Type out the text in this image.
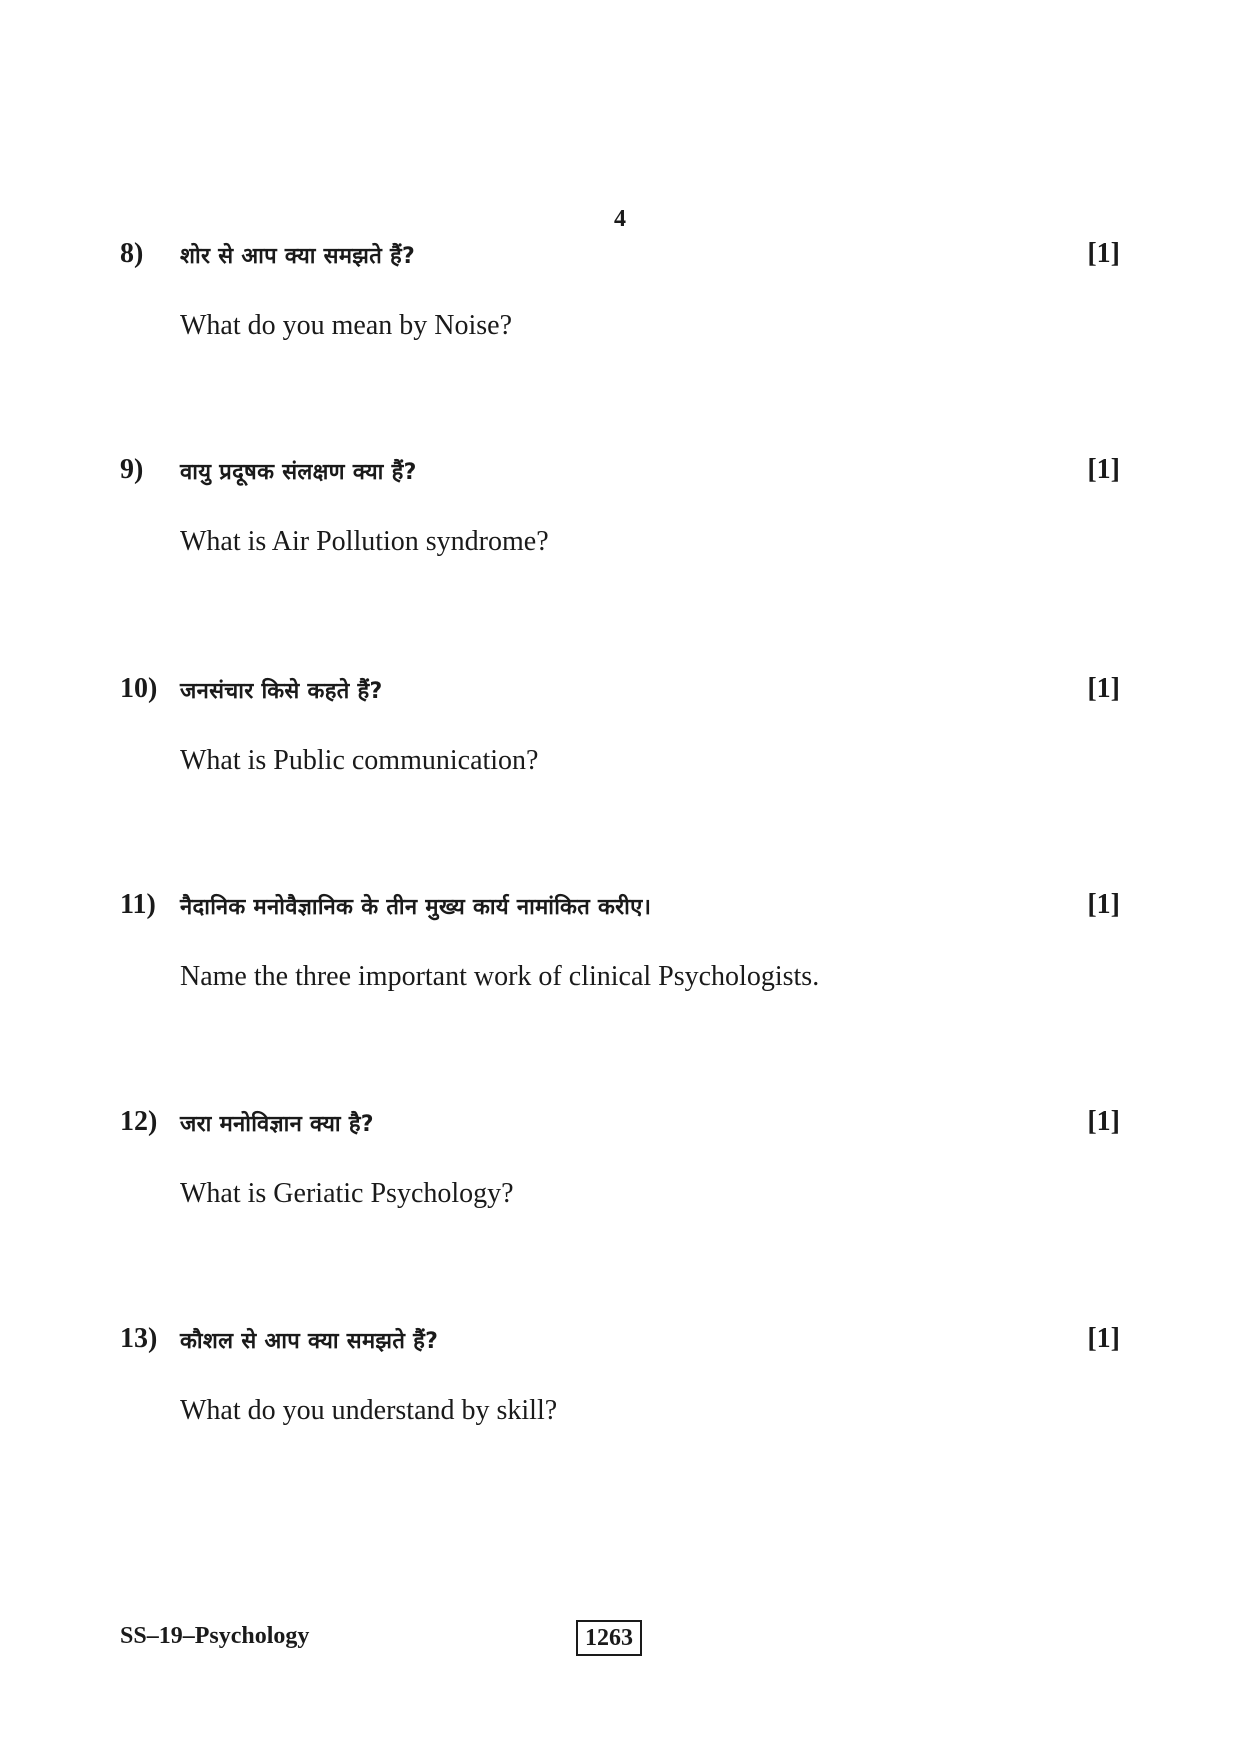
4
8) शोर से आप क्या समझते हैं?	[1]
What do you mean by Noise?
9) वायु प्रदूषक संलक्षण क्या हैं?	[1]
What is Air Pollution syndrome?
10) जनसंचार किसे कहते हैं?	[1]
What is Public communication?
11) नैदानिक मनोवैज्ञानिक के तीन मुख्य कार्य नामांकित करीए।	[1]
Name the three important work of clinical Psychologists.
12) जरा मनोविज्ञान क्या है?	[1]
What is Geriatic Psychology?
13) कौशल से आप क्या समझते हैं?	[1]
What do you understand by skill?
SS–19–Psychology	1263
